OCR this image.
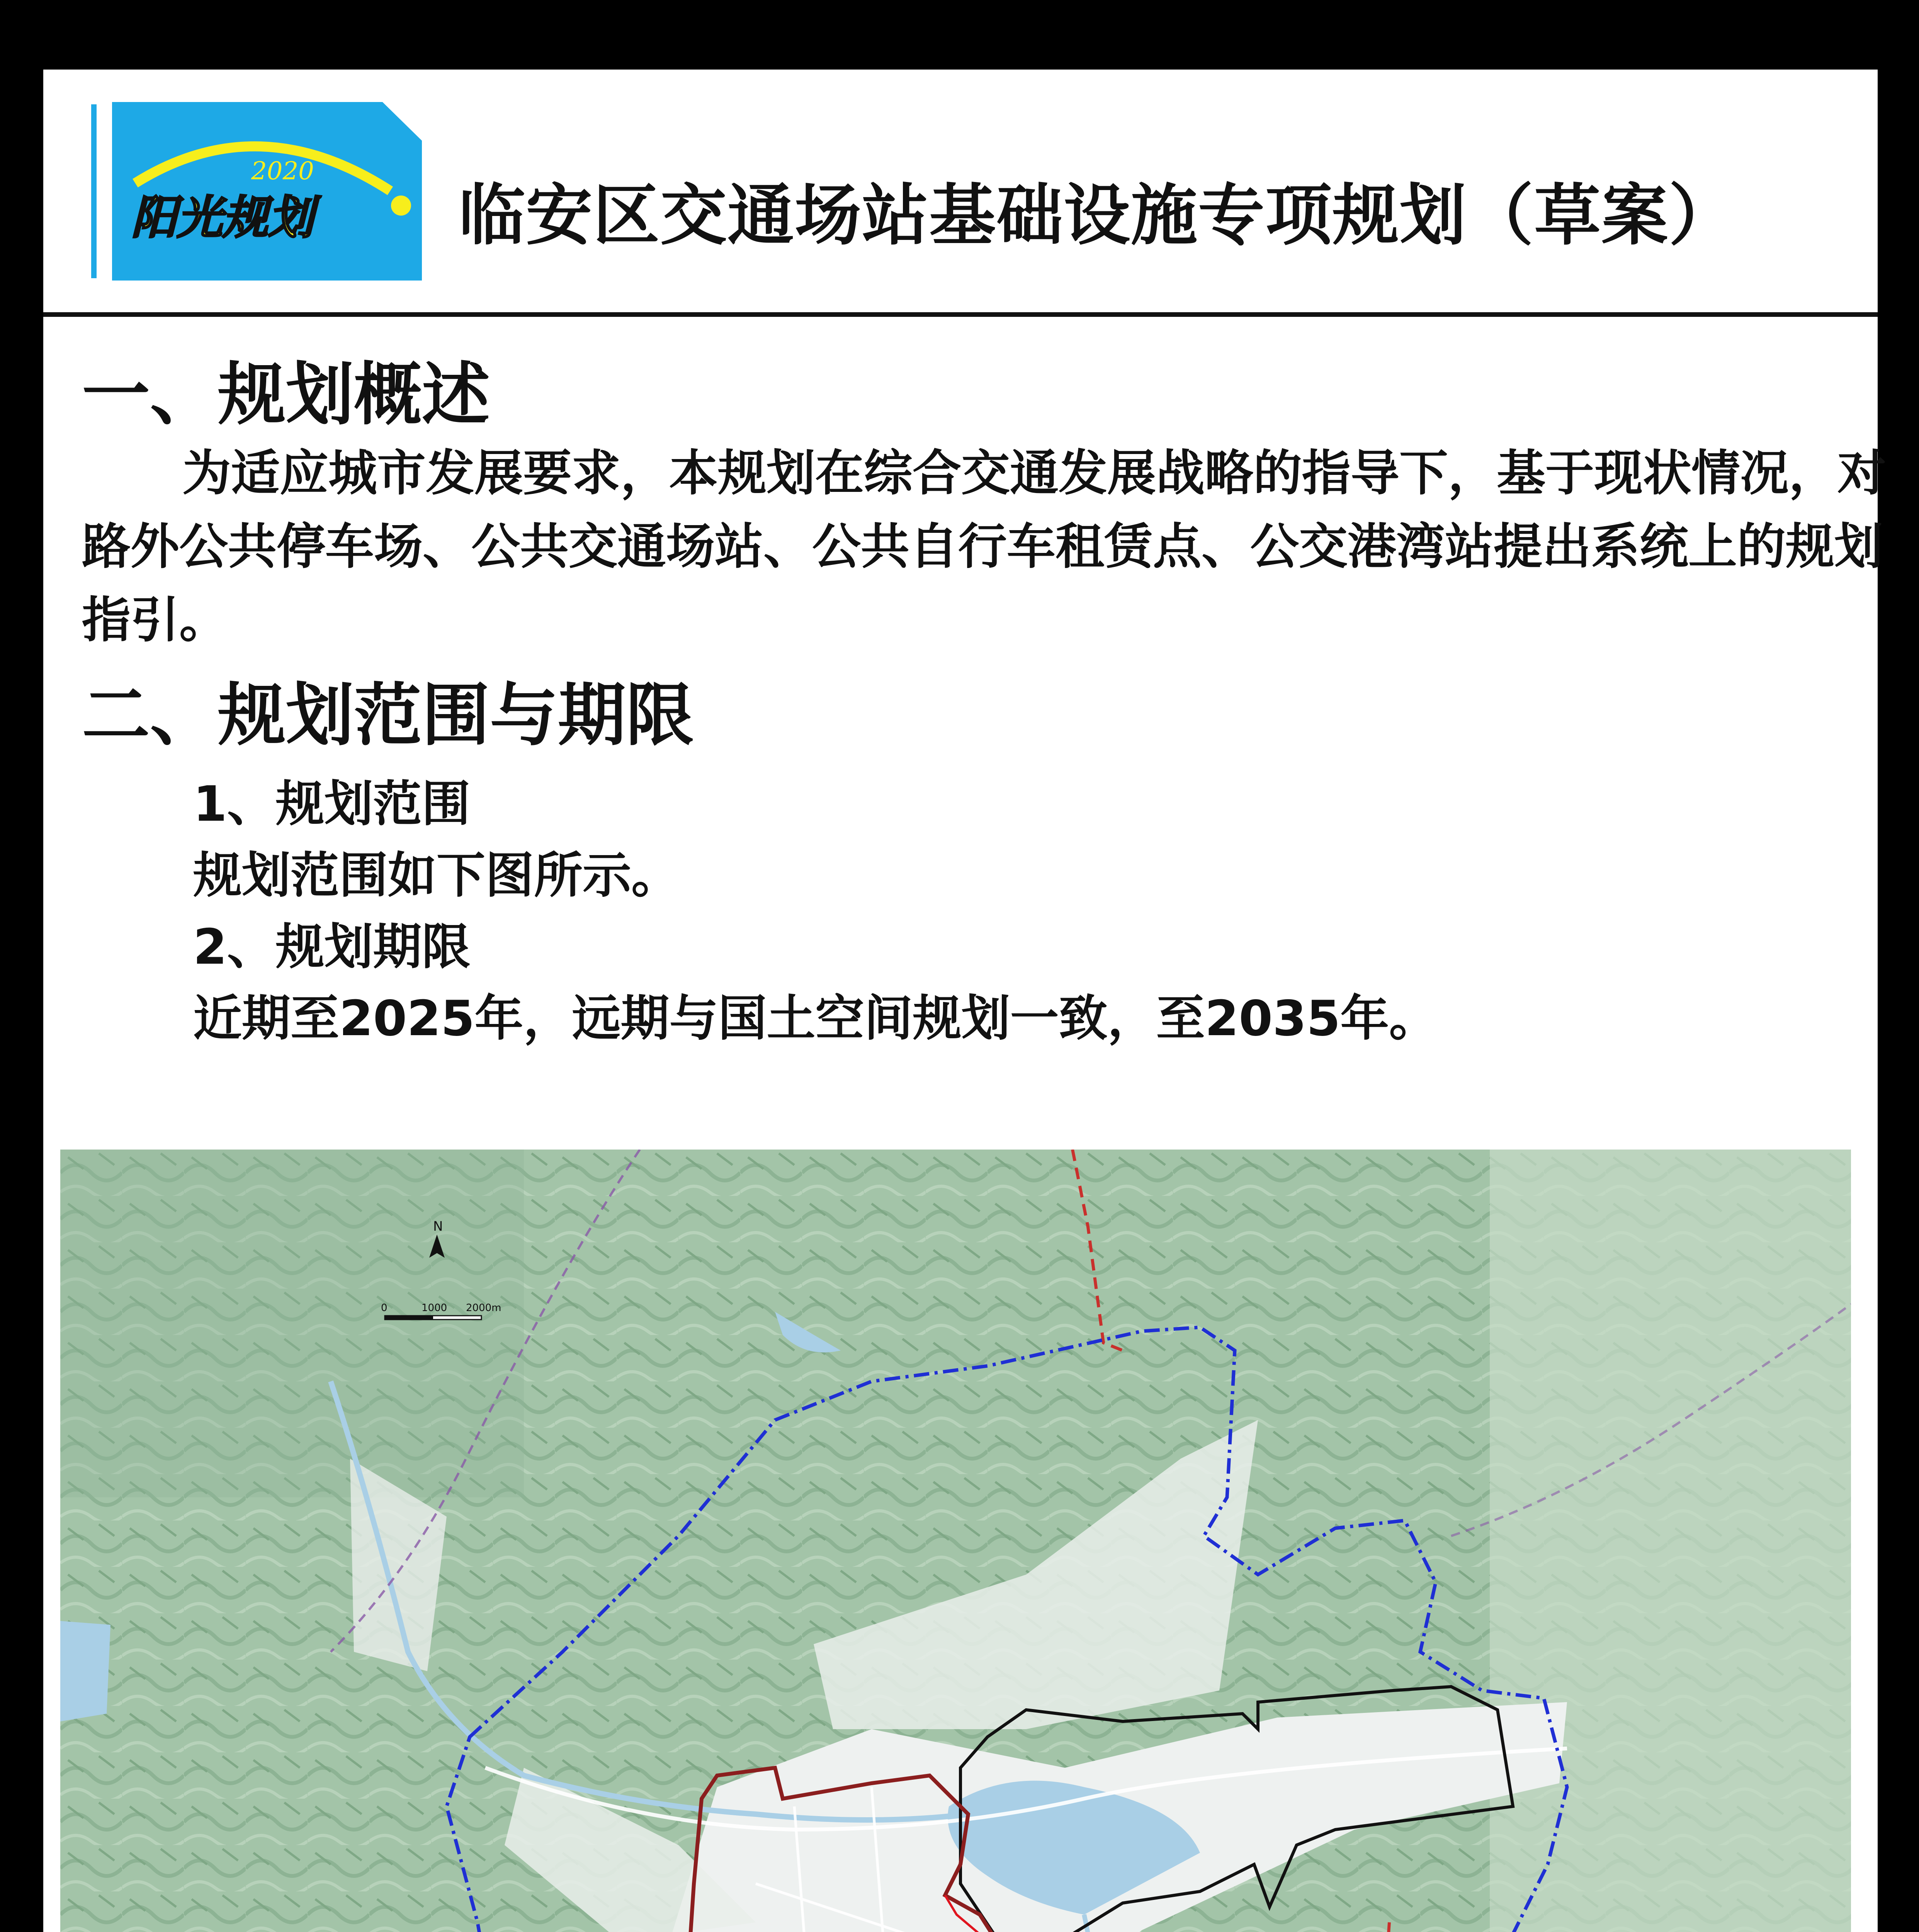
2020
阳光规划 临安区交通场站基础设施专项规划（草案）
一、规划概述
为适应城市发展要求，本规划在综合交通发展战略的指导下，基于现状情况，对路外公共停车场、公共交通场站、公共自行车租赁点、公交港湾站提出系统上的规划指引。
二、规划范围与期限
1、规划范围
规划范围如下图所示。
2、规划期限
近期至2025年，远期与国土空间规划一致，至2035年。
N
0	1000 2000m
